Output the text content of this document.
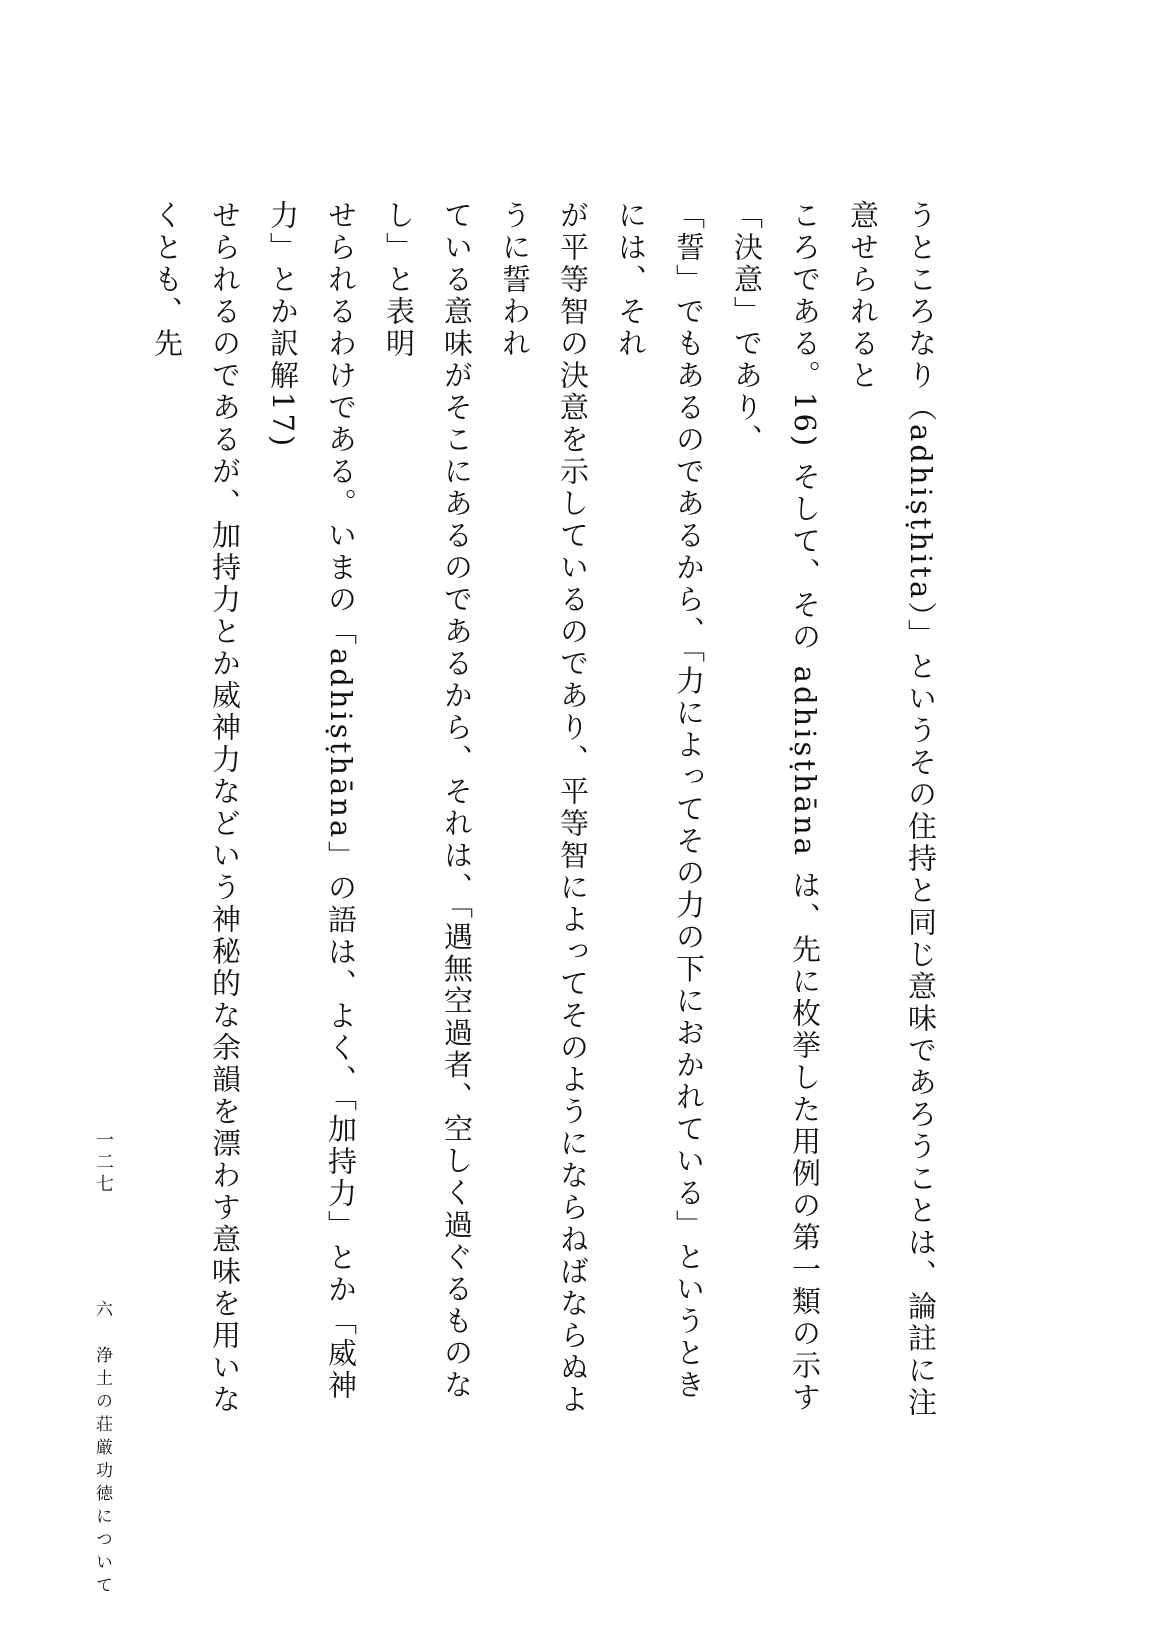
うところなり（adhiṣṭhita）」というその住持と同じ意味であろうことは、論註に注意せられると

ころである。16) そして、その adhiṣṭhāna は、先に枚挙した用例の第一類の示す「決意」であり、

「誓」でもあるのであるから、「力によってその力の下におかれている」というときには、それ

が平等智の決意を示しているのであり、平等智によってそのようにならねばならぬように誓われ

ている意味がそこにあるのであるから、それは、「遇無空過者、空しく過ぐるものなし」と表明

せられるわけである。いまの「adhiṣṭhāna」の語は、よく、「加持力」とか「威神力」とか訳解17)

せられるのであるが、加持力とか威神力などいう神秘的な余韻を漂わす意味を用いなくとも、先

六　浄土の荘厳功徳について
一二七
